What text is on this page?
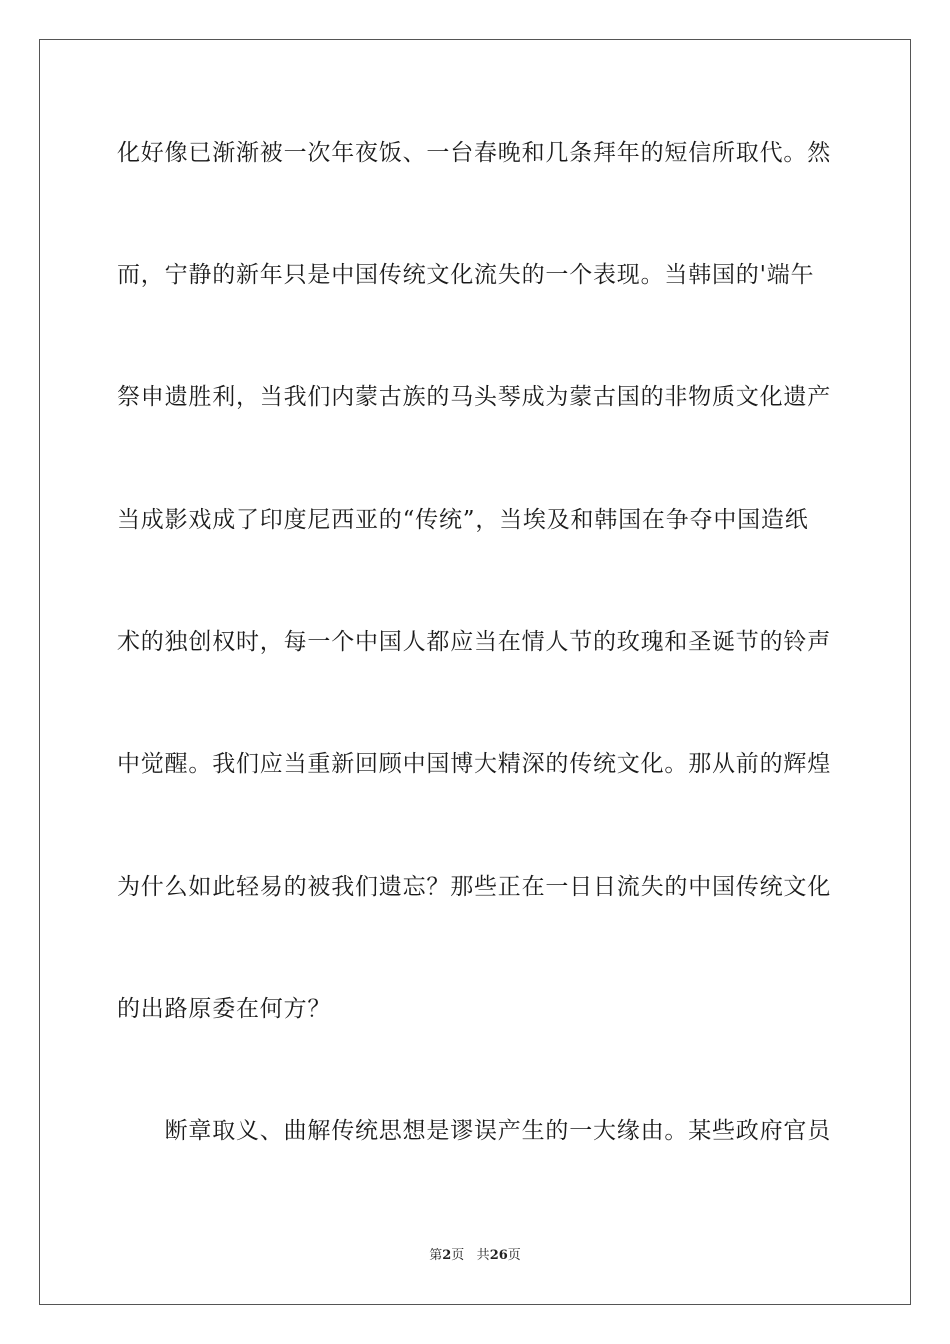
化好像已渐渐被一次年夜饭、一台春晚和几条拜年的短信所取代。然
而，宁静的新年只是中国传统文化流失的一个表现。当韩国的'端午
祭申遗胜利，当我们内蒙古族的马头琴成为蒙古国的非物质文化遗产
当成影戏成了印度尼西亚的“传统”，当埃及和韩国在争夺中国造纸
术的独创权时，每一个中国人都应当在情人节的玫瑰和圣诞节的铃声
中觉醒。我们应当重新回顾中国博大精深的传统文化。那从前的辉煌
为什么如此轻易的被我们遗忘？那些正在一日日流失的中国传统文化
的出路原委在何方？
　　断章取义、曲解传统思想是谬误产生的一大缘由。某些政府官员
第2页 共26页
